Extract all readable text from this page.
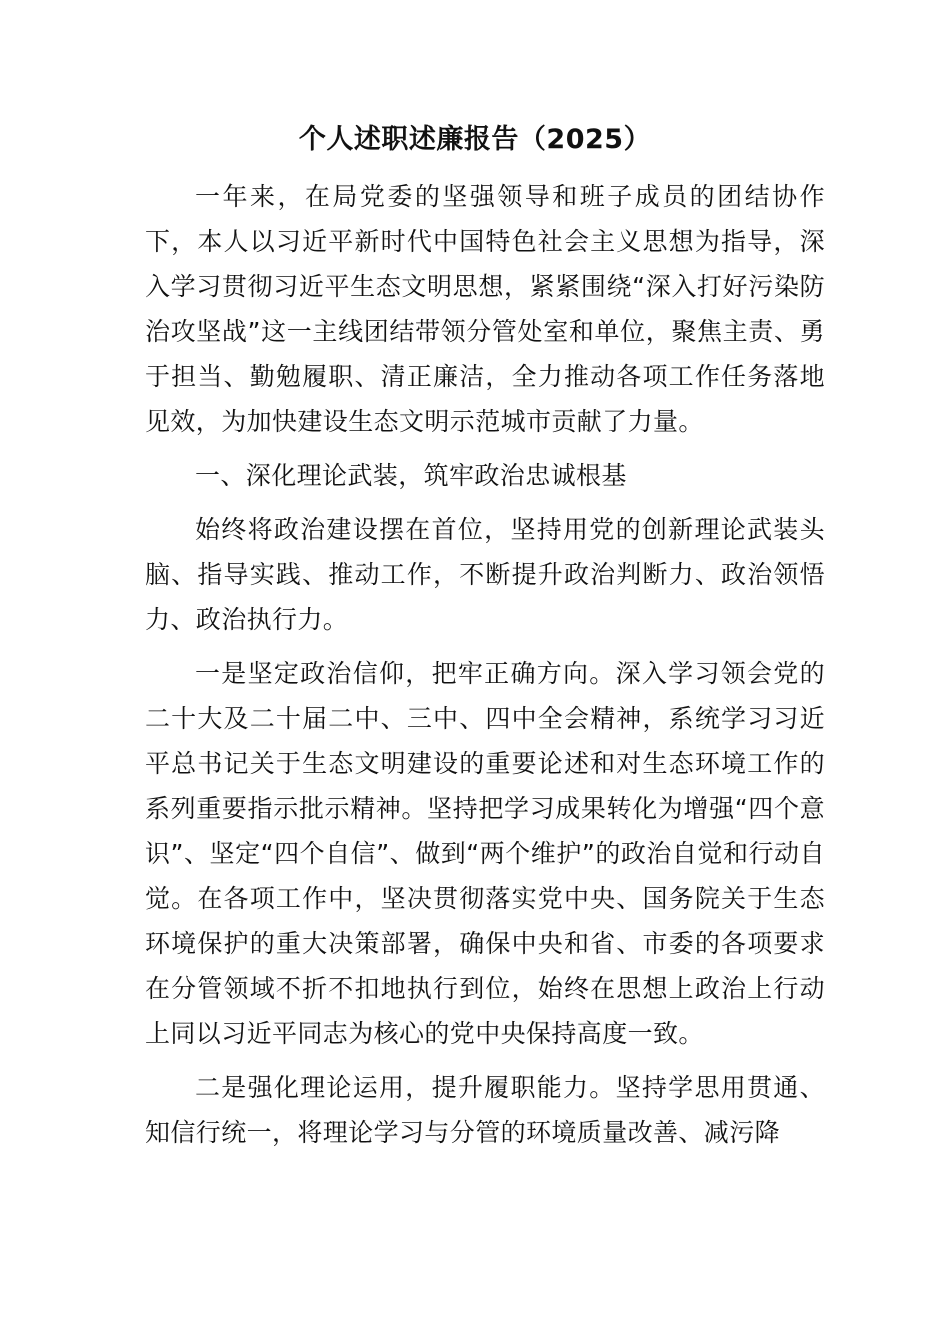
个人述职述廉报告（2025）

一年来，在局党委的坚强领导和班子成员的团结协作下，本人以习近平新时代中国特色社会主义思想为指导，深入学习贯彻习近平生态文明思想，紧紧围绕“深入打好污染防治攻坚战”这一主线团结带领分管处室和单位，聚焦主责、勇于担当、勤勉履职、清正廉洁，全力推动各项工作任务落地见效，为加快建设生态文明示范城市贡献了力量。

一、深化理论武装，筑牢政治忠诚根基

始终将政治建设摆在首位，坚持用党的创新理论武装头脑、指导实践、推动工作，不断提升政治判断力、政治领悟力、政治执行力。

一是坚定政治信仰，把牢正确方向。深入学习领会党的二十大及二十届二中、三中、四中全会精神，系统学习习近平总书记关于生态文明建设的重要论述和对生态环境工作的系列重要指示批示精神。坚持把学习成果转化为增强“四个意识”、坚定“四个自信”、做到“两个维护”的政治自觉和行动自觉。在各项工作中，坚决贯彻落实党中央、国务院关于生态环境保护的重大决策部署，确保中央和省、市委的各项要求在分管领域不折不扣地执行到位，始终在思想上政治上行动上同以习近平同志为核心的党中央保持高度一致。

二是强化理论运用，提升履职能力。坚持学思用贯通、知信行统一，将理论学习与分管的环境质量改善、减污降
